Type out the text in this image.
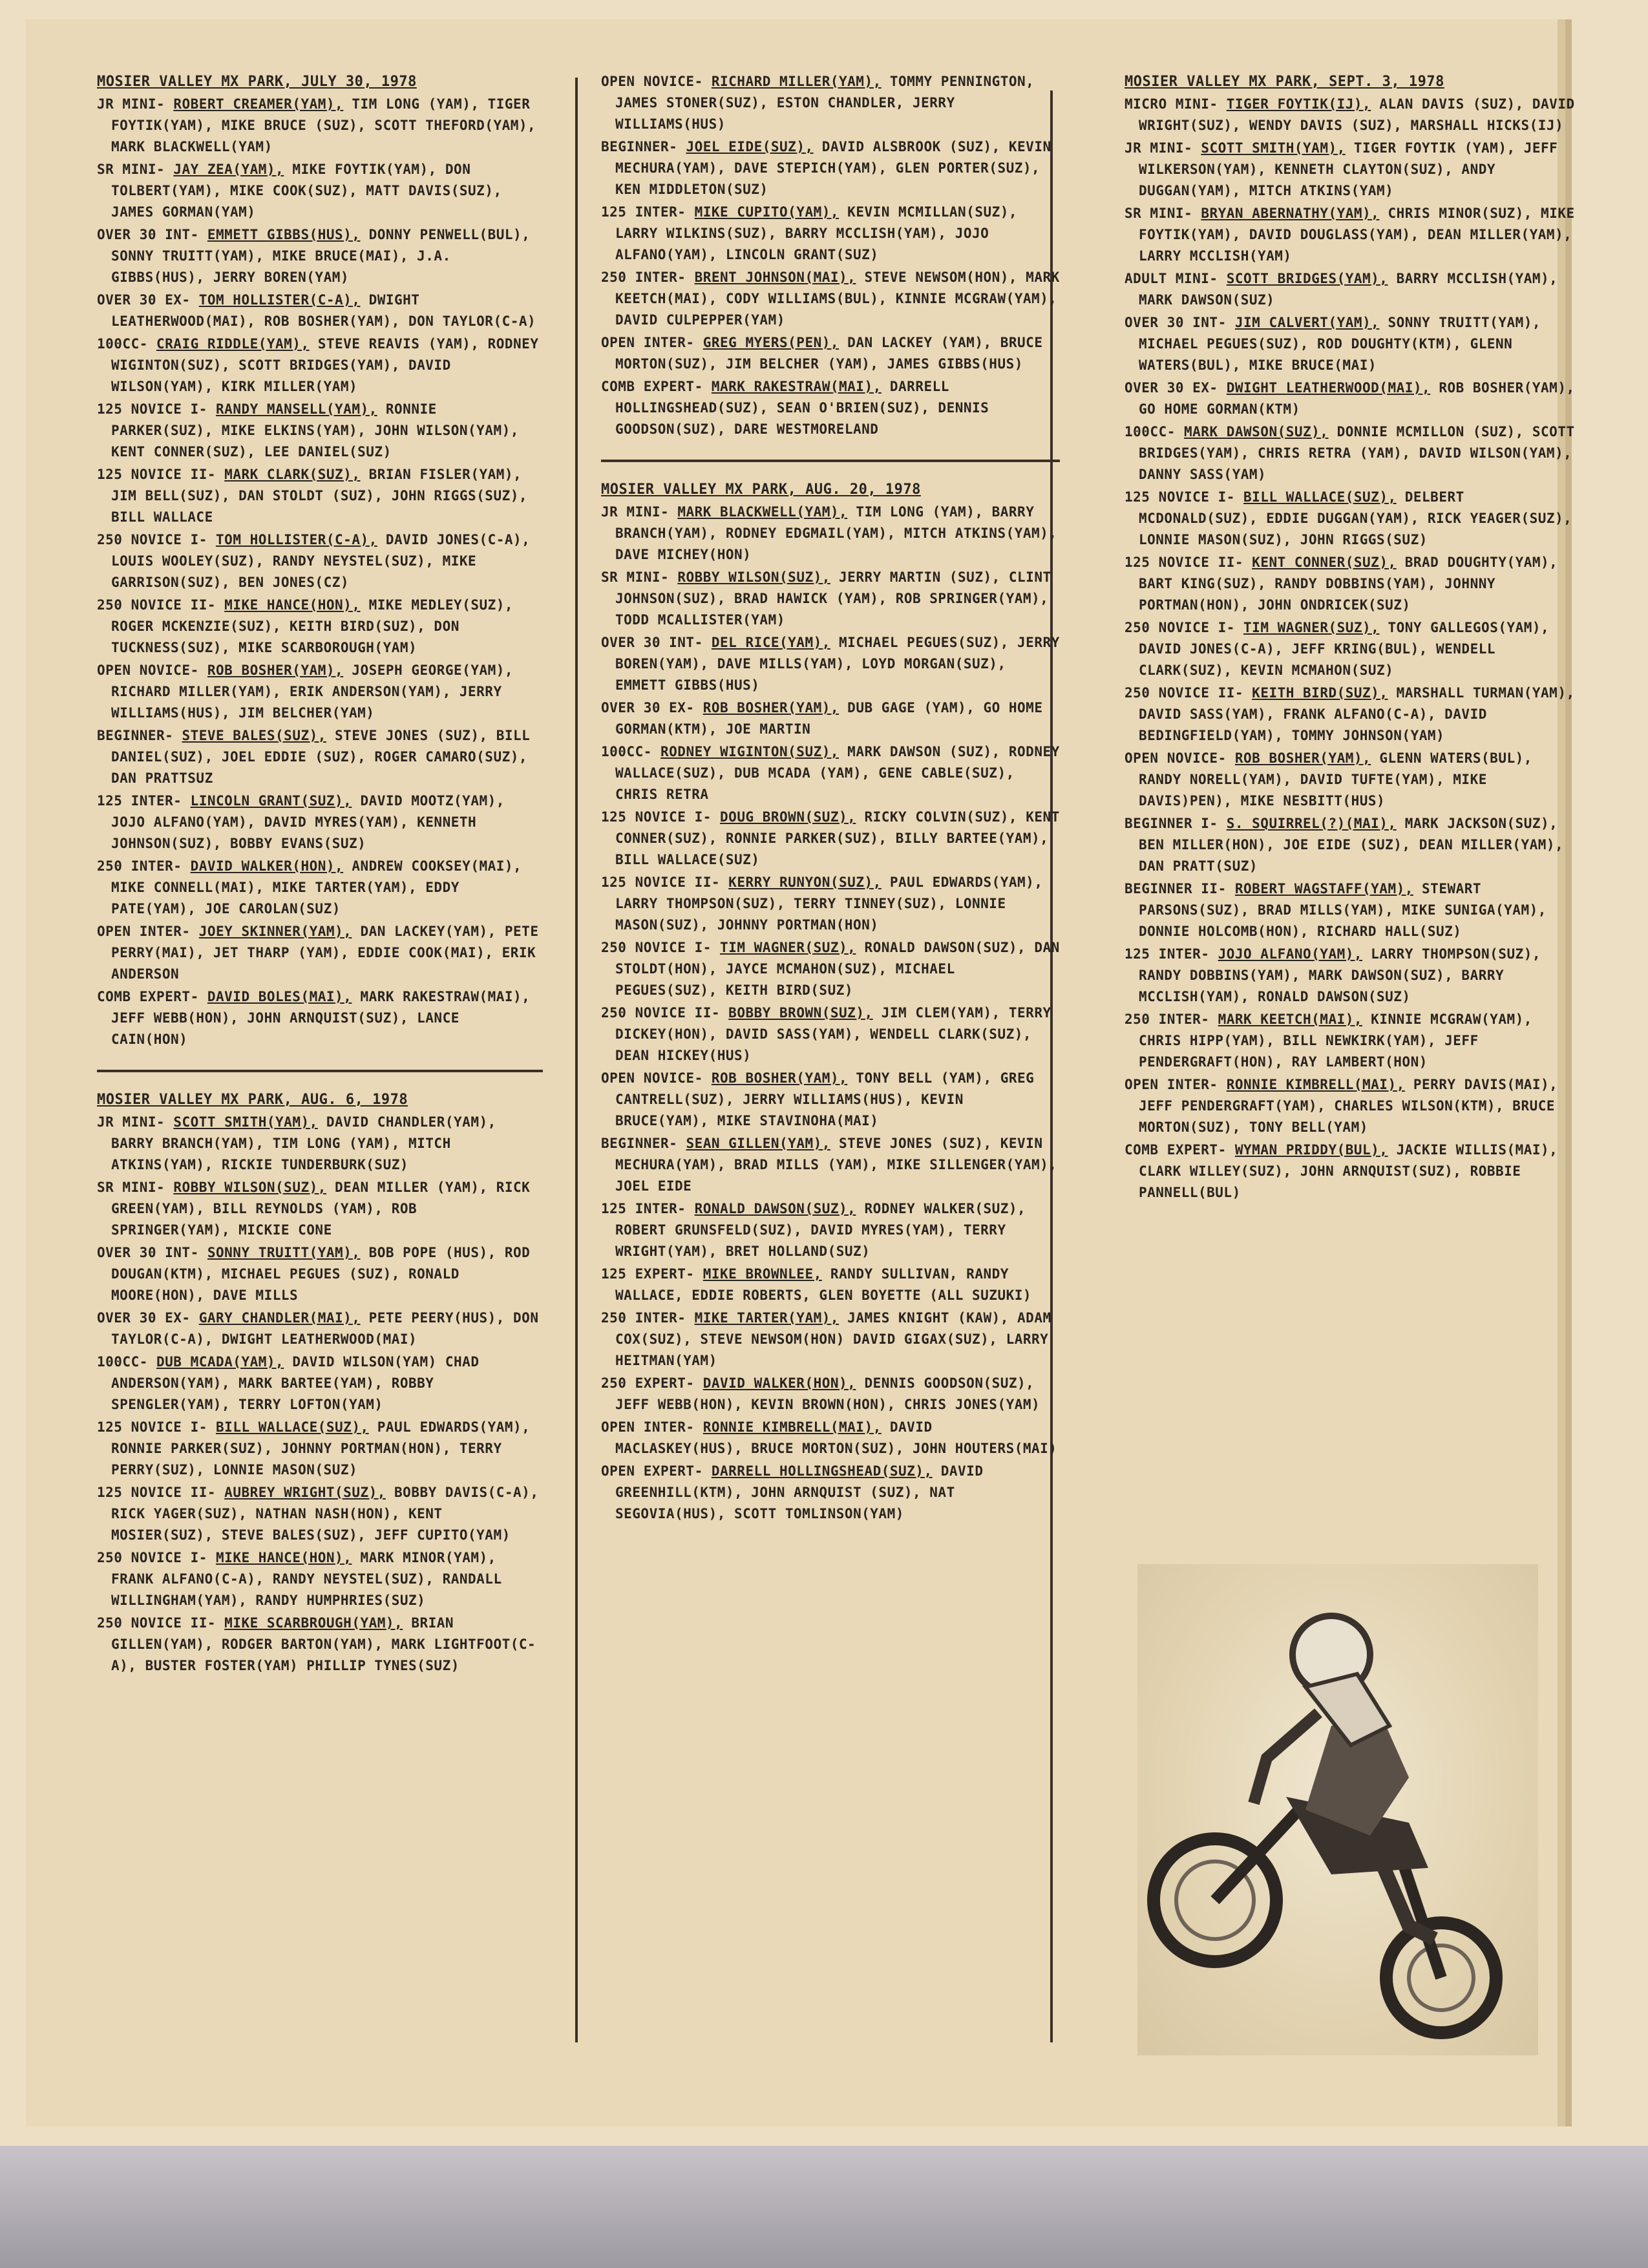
MOSIER VALLEY MX PARK, JULY 30, 1978
JR MINI- ROBERT CREAMER(YAM), TIM LONG (YAM), TIGER FOYTIK(YAM), MIKE BRUCE (SUZ), SCOTT THEFORD(YAM), MARK BLACKWELL(YAM)
SR MINI- JAY ZEA(YAM), MIKE FOYTIK(YAM), DON TOLBERT(YAM), MIKE COOK(SUZ), MATT DAVIS(SUZ), JAMES GORMAN(YAM)
OVER 30 INT- EMMETT GIBBS(HUS), DONNY PENWELL(BUL), SONNY TRUITT(YAM), MIKE BRUCE(MAI), J.A. GIBBS(HUS), JERRY BOREN(YAM)
OVER 30 EX- TOM HOLLISTER(C-A), DWIGHT LEATHERWOOD(MAI), ROB BOSHER(YAM), DON TAYLOR(C-A)
100CC- CRAIG RIDDLE(YAM), STEVE REAVIS (YAM), RODNEY WIGINTON(SUZ), SCOTT BRIDGES(YAM), DAVID WILSON(YAM), KIRK MILLER(YAM)
125 NOVICE I- RANDY MANSELL(YAM), RONNIE PARKER(SUZ), MIKE ELKINS(YAM), JOHN WILSON(YAM), KENT CONNER(SUZ), LEE DANIEL(SUZ)
125 NOVICE II- MARK CLARK(SUZ), BRIAN FISLER(YAM), JIM BELL(SUZ), DAN STOLDT (SUZ), JOHN RIGGS(SUZ), BILL WALLACE
250 NOVICE I- TOM HOLLISTER(C-A), DAVID JONES(C-A), LOUIS WOOLEY(SUZ), RANDY NEYSTEL(SUZ), MIKE GARRISON(SUZ), BEN JONES(CZ)
250 NOVICE II- MIKE HANCE(HON), MIKE MEDLEY(SUZ), ROGER MCKENZIE(SUZ), KEITH BIRD(SUZ), DON TUCKNESS(SUZ), MIKE SCARBOROUGH(YAM)
OPEN NOVICE- ROB BOSHER(YAM), JOSEPH GEORGE(YAM), RICHARD MILLER(YAM), ERIK ANDERSON(YAM), JERRY WILLIAMS(HUS), JIM BELCHER(YAM)
BEGINNER- STEVE BALES(SUZ), STEVE JONES (SUZ), BILL DANIEL(SUZ), JOEL EDDIE (SUZ), ROGER CAMARO(SUZ), DAN PRATTSUZ
125 INTER- LINCOLN GRANT(SUZ), DAVID MOOTZ(YAM), JOJO ALFANO(YAM), DAVID MYRES(YAM), KENNETH JOHNSON(SUZ), BOBBY EVANS(SUZ)
250 INTER- DAVID WALKER(HON), ANDREW COOKSEY(MAI), MIKE CONNELL(MAI), MIKE TARTER(YAM), EDDY PATE(YAM), JOE CAROLAN(SUZ)
OPEN INTER- JOEY SKINNER(YAM), DAN LACKEY(YAM), PETE PERRY(MAI), JET THARP (YAM), EDDIE COOK(MAI), ERIK ANDERSON
COMB EXPERT- DAVID BOLES(MAI), MARK RAKESTRAW(MAI), JEFF WEBB(HON), JOHN ARNQUIST(SUZ), LANCE CAIN(HON)
MOSIER VALLEY MX PARK, AUG. 6, 1978
JR MINI- SCOTT SMITH(YAM), DAVID CHANDLER(YAM), BARRY BRANCH(YAM), TIM LONG (YAM), MITCH ATKINS(YAM), RICKIE TUNDERBURK(SUZ)
SR MINI- ROBBY WILSON(SUZ), DEAN MILLER (YAM), RICK GREEN(YAM), BILL REYNOLDS (YAM), ROB SPRINGER(YAM), MICKIE CONE
OVER 30 INT- SONNY TRUITT(YAM), BOB POPE (HUS), ROD DOUGAN(KTM), MICHAEL PEGUES (SUZ), RONALD MOORE(HON), DAVE MILLS
OVER 30 EX- GARY CHANDLER(MAI), PETE PEERY(HUS), DON TAYLOR(C-A), DWIGHT LEATHERWOOD(MAI)
100CC- DUB MCADA(YAM), DAVID WILSON(YAM) CHAD ANDERSON(YAM), MARK BARTEE(YAM), ROBBY SPENGLER(YAM), TERRY LOFTON(YAM)
125 NOVICE I- BILL WALLACE(SUZ), PAUL EDWARDS(YAM), RONNIE PARKER(SUZ), JOHNNY PORTMAN(HON), TERRY PERRY(SUZ), LONNIE MASON(SUZ)
125 NOVICE II- AUBREY WRIGHT(SUZ), BOBBY DAVIS(C-A), RICK YAGER(SUZ), NATHAN NASH(HON), KENT MOSIER(SUZ), STEVE BALES(SUZ), JEFF CUPITO(YAM)
250 NOVICE I- MIKE HANCE(HON), MARK MINOR(YAM), FRANK ALFANO(C-A), RANDY NEYSTEL(SUZ), RANDALL WILLINGHAM(YAM), RANDY HUMPHRIES(SUZ)
250 NOVICE II- MIKE SCARBROUGH(YAM), BRIAN GILLEN(YAM), RODGER BARTON(YAM), MARK LIGHTFOOT(C-A), BUSTER FOSTER(YAM) PHILLIP TYNES(SUZ)
OPEN NOVICE- RICHARD MILLER(YAM), TOMMY PENNINGTON, JAMES STONER(SUZ), ESTON CHANDLER, JERRY WILLIAMS(HUS)
BEGINNER- JOEL EIDE(SUZ), DAVID ALSBROOK (SUZ), KEVIN MECHURA(YAM), DAVE STEPICH(YAM), GLEN PORTER(SUZ), KEN MIDDLETON(SUZ)
125 INTER- MIKE CUPITO(YAM), KEVIN MCMILLAN(SUZ), LARRY WILKINS(SUZ), BARRY MCCLISH(YAM), JOJO ALFANO(YAM), LINCOLN GRANT(SUZ)
250 INTER- BRENT JOHNSON(MAI), STEVE NEWSOM(HON), MARK KEETCH(MAI), CODY WILLIAMS(BUL), KINNIE MCGRAW(YAM), DAVID CULPEPPER(YAM)
OPEN INTER- GREG MYERS(PEN), DAN LACKEY (YAM), BRUCE MORTON(SUZ), JIM BELCHER (YAM), JAMES GIBBS(HUS)
COMB EXPERT- MARK RAKESTRAW(MAI), DARRELL HOLLINGSHEAD(SUZ), SEAN O'BRIEN(SUZ), DENNIS GOODSON(SUZ), DARE WESTMORELAND
MOSIER VALLEY MX PARK, AUG. 20, 1978
JR MINI- MARK BLACKWELL(YAM), TIM LONG (YAM), BARRY BRANCH(YAM), RODNEY EDGMAIL(YAM), MITCH ATKINS(YAM), DAVE MICHEY(HON)
SR MINI- ROBBY WILSON(SUZ), JERRY MARTIN (SUZ), CLINT JOHNSON(SUZ), BRAD HAWICK (YAM), ROB SPRINGER(YAM), TODD MCALLISTER(YAM)
OVER 30 INT- DEL RICE(YAM), MICHAEL PEGUES(SUZ), JERRY BOREN(YAM), DAVE MILLS(YAM), LOYD MORGAN(SUZ), EMMETT GIBBS(HUS)
OVER 30 EX- ROB BOSHER(YAM), DUB GAGE (YAM), GO HOME GORMAN(KTM), JOE MARTIN
100CC- RODNEY WIGINTON(SUZ), MARK DAWSON (SUZ), RODNEY WALLACE(SUZ), DUB MCADA (YAM), GENE CABLE(SUZ), CHRIS RETRA
125 NOVICE I- DOUG BROWN(SUZ), RICKY COLVIN(SUZ), KENT CONNER(SUZ), RONNIE PARKER(SUZ), BILLY BARTEE(YAM), BILL WALLACE(SUZ)
125 NOVICE II- KERRY RUNYON(SUZ), PAUL EDWARDS(YAM), LARRY THOMPSON(SUZ), TERRY TINNEY(SUZ), LONNIE MASON(SUZ), JOHNNY PORTMAN(HON)
250 NOVICE I- TIM WAGNER(SUZ), RONALD DAWSON(SUZ), DAN STOLDT(HON), JAYCE MCMAHON(SUZ), MICHAEL PEGUES(SUZ), KEITH BIRD(SUZ)
250 NOVICE II- BOBBY BROWN(SUZ), JIM CLEM(YAM), TERRY DICKEY(HON), DAVID SASS(YAM), WENDELL CLARK(SUZ), DEAN HICKEY(HUS)
OPEN NOVICE- ROB BOSHER(YAM), TONY BELL (YAM), GREG CANTRELL(SUZ), JERRY WILLIAMS(HUS), KEVIN BRUCE(YAM), MIKE STAVINOHA(MAI)
BEGINNER- SEAN GILLEN(YAM), STEVE JONES (SUZ), KEVIN MECHURA(YAM), BRAD MILLS (YAM), MIKE SILLENGER(YAM), JOEL EIDE
125 INTER- RONALD DAWSON(SUZ), RODNEY WALKER(SUZ), ROBERT GRUNSFELD(SUZ), DAVID MYRES(YAM), TERRY WRIGHT(YAM), BRET HOLLAND(SUZ)
125 EXPERT- MIKE BROWNLEE, RANDY SULLIVAN, RANDY WALLACE, EDDIE ROBERTS, GLEN BOYETTE (ALL SUZUKI)
250 INTER- MIKE TARTER(YAM), JAMES KNIGHT (KAW), ADAM COX(SUZ), STEVE NEWSOM(HON) DAVID GIGAX(SUZ), LARRY HEITMAN(YAM)
250 EXPERT- DAVID WALKER(HON), DENNIS GOODSON(SUZ), JEFF WEBB(HON), KEVIN BROWN(HON), CHRIS JONES(YAM)
OPEN INTER- RONNIE KIMBRELL(MAI), DAVID MACLASKEY(HUS), BRUCE MORTON(SUZ), JOHN HOUTERS(MAI)
OPEN EXPERT- DARRELL HOLLINGSHEAD(SUZ), DAVID GREENHILL(KTM), JOHN ARNQUIST (SUZ), NAT SEGOVIA(HUS), SCOTT TOMLINSON(YAM)
MOSIER VALLEY MX PARK, SEPT. 3, 1978
MICRO MINI- TIGER FOYTIK(IJ), ALAN DAVIS (SUZ), DAVID WRIGHT(SUZ), WENDY DAVIS (SUZ), MARSHALL HICKS(IJ)
JR MINI- SCOTT SMITH(YAM), TIGER FOYTIK (YAM), JEFF WILKERSON(YAM), KENNETH CLAYTON(SUZ), ANDY DUGGAN(YAM), MITCH ATKINS(YAM)
SR MINI- BRYAN ABERNATHY(YAM), CHRIS MINOR(SUZ), MIKE FOYTIK(YAM), DAVID DOUGLASS(YAM), DEAN MILLER(YAM), LARRY MCCLISH(YAM)
ADULT MINI- SCOTT BRIDGES(YAM), BARRY MCCLISH(YAM), MARK DAWSON(SUZ)
OVER 30 INT- JIM CALVERT(YAM), SONNY TRUITT(YAM), MICHAEL PEGUES(SUZ), ROD DOUGHTY(KTM), GLENN WATERS(BUL), MIKE BRUCE(MAI)
OVER 30 EX- DWIGHT LEATHERWOOD(MAI), ROB BOSHER(YAM), GO HOME GORMAN(KTM)
100CC- MARK DAWSON(SUZ), DONNIE MCMILLON (SUZ), SCOTT BRIDGES(YAM), CHRIS RETRA (YAM), DAVID WILSON(YAM), DANNY SASS(YAM)
125 NOVICE I- BILL WALLACE(SUZ), DELBERT MCDONALD(SUZ), EDDIE DUGGAN(YAM), RICK YEAGER(SUZ), LONNIE MASON(SUZ), JOHN RIGGS(SUZ)
125 NOVICE II- KENT CONNER(SUZ), BRAD DOUGHTY(YAM), BART KING(SUZ), RANDY DOBBINS(YAM), JOHNNY PORTMAN(HON), JOHN ONDRICEK(SUZ)
250 NOVICE I- TIM WAGNER(SUZ), TONY GALLEGOS(YAM), DAVID JONES(C-A), JEFF KRING(BUL), WENDELL CLARK(SUZ), KEVIN MCMAHON(SUZ)
250 NOVICE II- KEITH BIRD(SUZ), MARSHALL TURMAN(YAM), DAVID SASS(YAM), FRANK ALFANO(C-A), DAVID BEDINGFIELD(YAM), TOMMY JOHNSON(YAM)
OPEN NOVICE- ROB BOSHER(YAM), GLENN WATERS(BUL), RANDY NORELL(YAM), DAVID TUFTE(YAM), MIKE DAVIS)PEN), MIKE NESBITT(HUS)
BEGINNER I- S. SQUIRREL(?)(MAI), MARK JACKSON(SUZ), BEN MILLER(HON), JOE EIDE (SUZ), DEAN MILLER(YAM), DAN PRATT(SUZ)
BEGINNER II- ROBERT WAGSTAFF(YAM), STEWART PARSONS(SUZ), BRAD MILLS(YAM), MIKE SUNIGA(YAM), DONNIE HOLCOMB(HON), RICHARD HALL(SUZ)
125 INTER- JOJO ALFANO(YAM), LARRY THOMPSON(SUZ), RANDY DOBBINS(YAM), MARK DAWSON(SUZ), BARRY MCCLISH(YAM), RONALD DAWSON(SUZ)
250 INTER- MARK KEETCH(MAI), KINNIE MCGRAW(YAM), CHRIS HIPP(YAM), BILL NEWKIRK(YAM), JEFF PENDERGRAFT(HON), RAY LAMBERT(HON)
OPEN INTER- RONNIE KIMBRELL(MAI), PERRY DAVIS(MAI), JEFF PENDERGRAFT(YAM), CHARLES WILSON(KTM), BRUCE MORTON(SUZ), TONY BELL(YAM)
COMB EXPERT- WYMAN PRIDDY(BUL), JACKIE WILLIS(MAI), CLARK WILLEY(SUZ), JOHN ARNQUIST(SUZ), ROBBIE PANNELL(BUL)
